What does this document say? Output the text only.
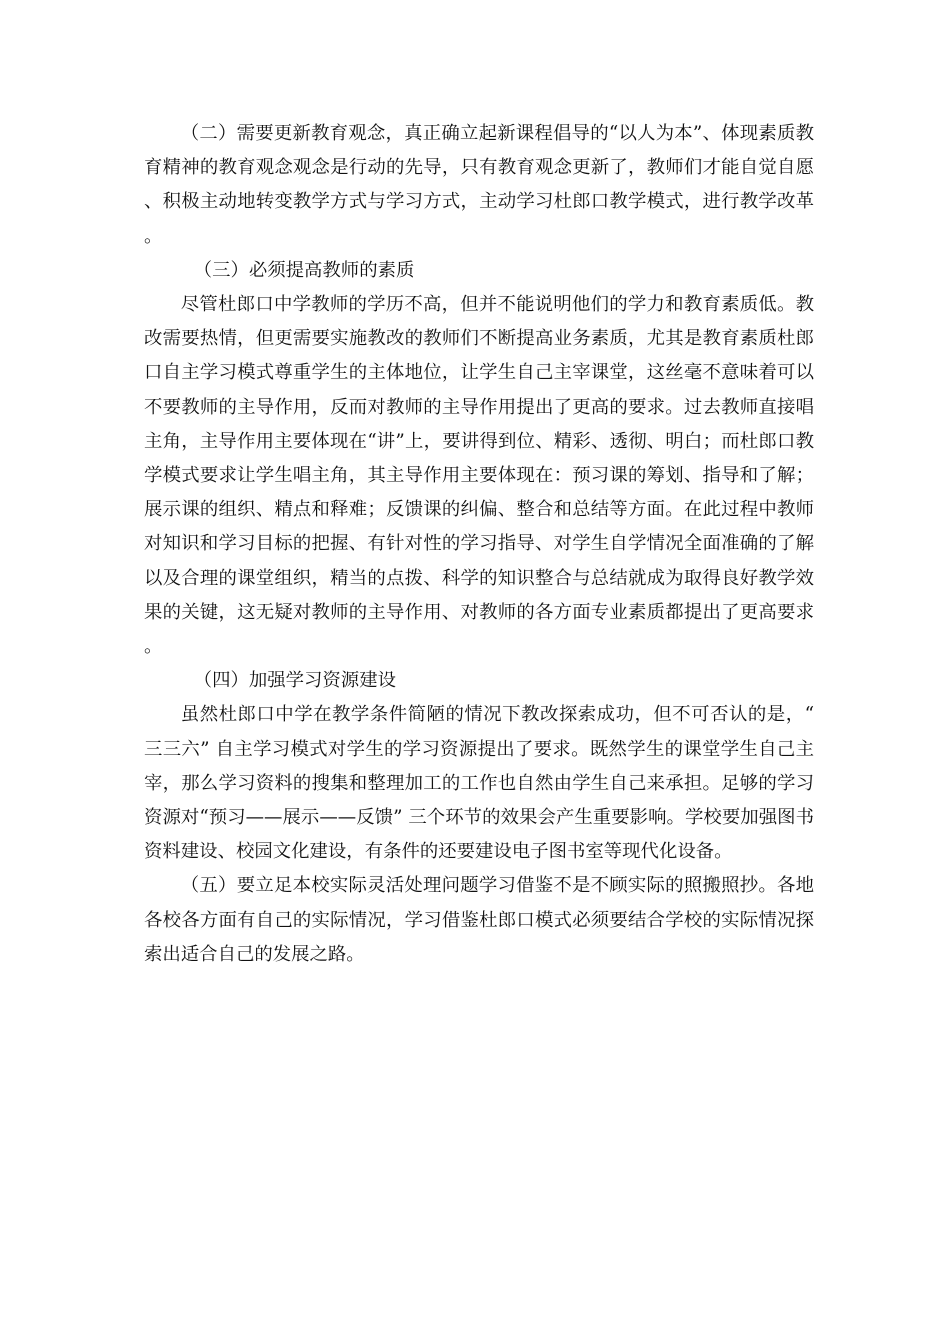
（二）需要更新教育观念，真正确立起新课程倡导的“以人为本”、体现素质教育精神的教育观念观念是行动的先导，只有教育观念更新了，教师们才能自觉自愿、积极主动地转变教学方式与学习方式，主动学习杜郎口教学模式，进行教学改革。

（三）必须提高教师的素质

尽管杜郎口中学教师的学历不高，但并不能说明他们的学力和教育素质低。教改需要热情，但更需要实施教改的教师们不断提高业务素质，尤其是教育素质杜郎口自主学习模式尊重学生的主体地位，让学生自己主宰课堂，这丝毫不意味着可以不要教师的主导作用，反而对教师的主导作用提出了更高的要求。过去教师直接唱主角，主导作用主要体现在“讲”上，要讲得到位、精彩、透彻、明白；而杜郎口教学模式要求让学生唱主角，其主导作用主要体现在：预习课的筹划、指导和了解；展示课的组织、精点和释难；反馈课的纠偏、整合和总结等方面。在此过程中教师对知识和学习目标的把握、有针对性的学习指导、对学生自学情况全面准确的了解以及合理的课堂组织，精当的点拨、科学的知识整合与总结就成为取得良好教学效果的关键，这无疑对教师的主导作用、对教师的各方面专业素质都提出了更高要求。

（四）加强学习资源建设

虽然杜郎口中学在教学条件简陋的情况下教改探索成功，但不可否认的是，“三三六” 自主学习模式对学生的学习资源提出了要求。既然学生的课堂学生自己主宰，那么学习资料的搜集和整理加工的工作也自然由学生自己来承担。足够的学习资源对“预习——展示——反馈” 三个环节的效果会产生重要影响。学校要加强图书资料建设、校园文化建设，有条件的还要建设电子图书室等现代化设备。

（五）要立足本校实际灵活处理问题学习借鉴不是不顾实际的照搬照抄。各地各校各方面有自己的实际情况，学习借鉴杜郎口模式必须要结合学校的实际情况探索出适合自己的发展之路。
